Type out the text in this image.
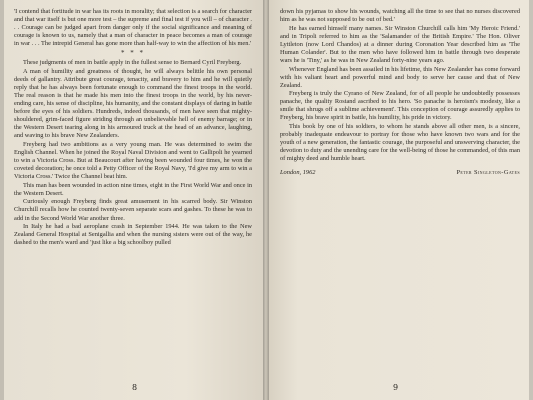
'I contend that fortitude in war has its roots in morality; that selection is a search for character and that war itself is but one more test – the supreme and final test if you will – of character . . . Courage can be judged apart from danger only if the social significance and meaning of courage is known to us, namely that a man of character in peace becomes a man of courage in war . . . The intrepid General has gone more than half-way to win the affection of his men.'

* * *

These judgments of men in battle apply in the fullest sense to Bernard Cyril Freyberg.

A man of humility and greatness of thought, he will always belittle his own personal deeds of gallantry. Attribute great courage, tenacity, and bravery to him and he will quietly reply that he has always been fortunate enough to command the finest troops in the world. The real reason is that he made his men into the finest troops in the world, by his never-ending care, his sense of discipline, his humanity, and the constant displays of daring in battle before the eyes of his soldiers. Hundreds, indeed thousands, of men have seen that mighty-shouldered, grim-faced figure striding through an unbelievable hell of enemy barrage; or in the Western Desert tearing along in his armoured truck at the head of an advance, laughing, and waving to his brave New Zealanders.

Freyberg had two ambitions as a very young man. He was determined to swim the English Channel. When he joined the Royal Naval Division and went to Gallipoli he yearned to win a Victoria Cross. But at Beaucourt after having been wounded four times, he won the coveted decoration; he once told a Petty Officer of the Royal Navy, 'I'd give my arm to win a Victoria Cross.' Twice the Channel beat him.

This man has been wounded in action nine times, eight in the First World War and once in the Western Desert.

Curiously enough Freyberg finds great amusement in his scarred body. Sir Winston Churchill recalls how he counted twenty-seven separate scars and gashes. To these he was to add in the Second World War another three.

In Italy he had a bad aeroplane crash in September 1944. He was taken to the New Zealand General Hospital at Senigallia and when the nursing sisters were out of the way, he dashed to the men's ward and 'just like a big schoolboy pulled

8

down his pyjamas to show his wounds, watching all the time to see that no nurses discovered him as he was not supposed to be out of bed.'

He has earned himself many names. Sir Winston Churchill calls him 'My Heroic Friend.' and in Tripoli referred to him as the 'Salamander of the British Empire.' The Hon. Oliver Lyttleton (now Lord Chandos) at a dinner during Coronation Year described him as 'The Human Colander'. But to the men who have followed him in battle through two desperate wars he is 'Tiny,' as he was in New Zealand forty-nine years ago.

Whenever England has been assailed in his lifetime, this New Zealander has come forward with his valiant heart and powerful mind and body to serve her cause and that of New Zealand.

Freyberg is truly the Cyrano of New Zealand, for of all people he undoubtedly possesses panache, the quality Rostand ascribed to his hero. 'So panache is heroism's modesty, like a smile that shrugs off a sublime achievement'. This conception of courage assuredly applies to Freyberg, his brave spirit in battle, his humility, his pride in victory.

This book by one of his soldiers, to whom he stands above all other men, is a sincere, probably inadequate endeavour to portray for those who have known two wars and for the youth of a new generation, the fantastic courage, the purposeful and unswerving character, the devotion to duty and the unending care for the well-being of those he commanded, of this man of mighty deed and humble heart.

London, 1962	Peter Singleton-Gates
9
